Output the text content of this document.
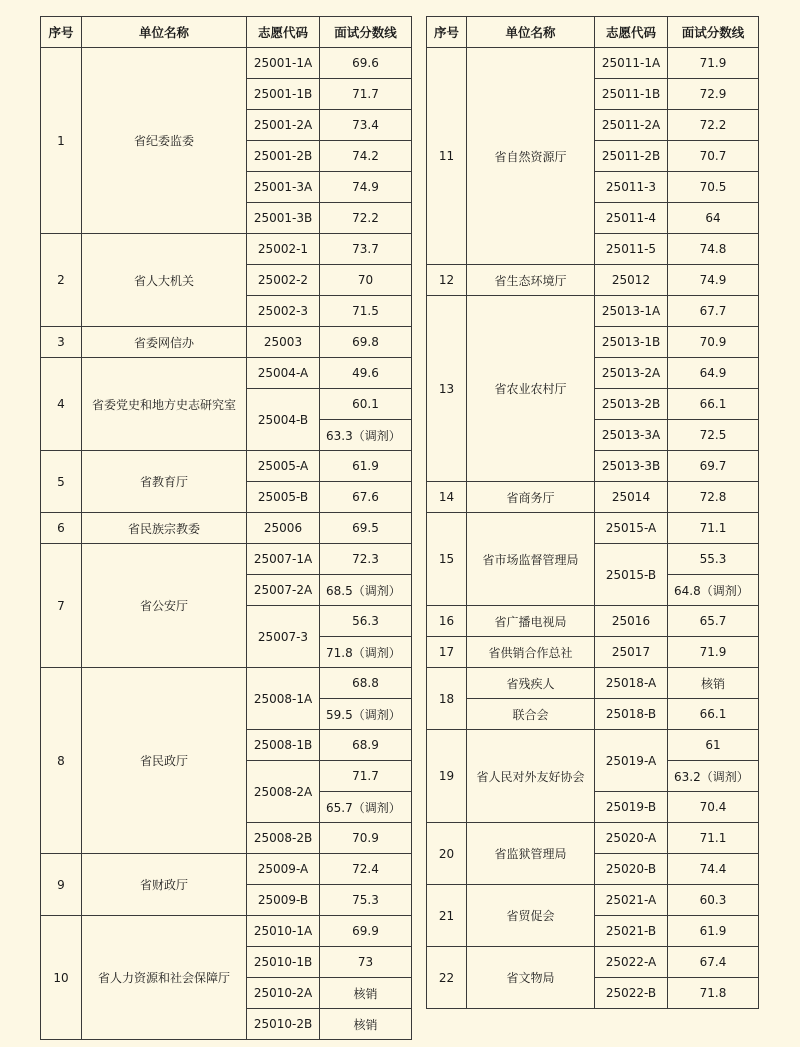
序号	单位名称	志愿代码	面试分数线
1	省纪委监委	25001-1A	69.6
		25001-1B	71.7
		25001-2A	73.4
		25001-2B	74.2
		25001-3A	74.9
		25001-3B	72.2
2	省人大机关	25002-1	73.7
		25002-2	70
		25002-3	71.5
3	省委网信办	25003	69.8
4	省委党史和地方史志研究室	25004-A	49.6
		25004-B	60.1
			63.3（调剂）
5	省教育厅	25005-A	61.9
		25005-B	67.6
6	省民族宗教委	25006	69.5
7	省公安厅	25007-1A	72.3
		25007-2A	68.5（调剂）
		25007-3	56.3
			71.8（调剂）
8	省民政厅	25008-1A	68.8
			59.5（调剂）
		25008-1B	68.9
		25008-2A	71.7
			65.7（调剂）
		25008-2B	70.9
9	省财政厅	25009-A	72.4
		25009-B	75.3
10	省人力资源和社会保障厅	25010-1A	69.9
		25010-1B	73
		25010-2A	核销
		25010-2B	核销
序号	单位名称	志愿代码	面试分数线
11	省自然资源厅	25011-1A	71.9
		25011-1B	72.9
		25011-2A	72.2
		25011-2B	70.7
		25011-3	70.5
		25011-4	64
		25011-5	74.8
12	省生态环境厅	25012	74.9
13	省农业农村厅	25013-1A	67.7
		25013-1B	70.9
		25013-2A	64.9
		25013-2B	66.1
		25013-3A	72.5
		25013-3B	69.7
14	省商务厅	25014	72.8
15	省市场监督管理局	25015-A	71.1
		25015-B	55.3
			64.8（调剂）
16	省广播电视局	25016	65.7
17	省供销合作总社	25017	71.9
18	省残疾人	25018-A	核销
	联合会	25018-B	66.1
19	省人民对外友好协会	25019-A	61
			63.2（调剂）
		25019-B	70.4
20	省监狱管理局	25020-A	71.1
		25020-B	74.4
21	省贸促会	25021-A	60.3
		25021-B	61.9
22	省文物局	25022-A	67.4
		25022-B	71.8
